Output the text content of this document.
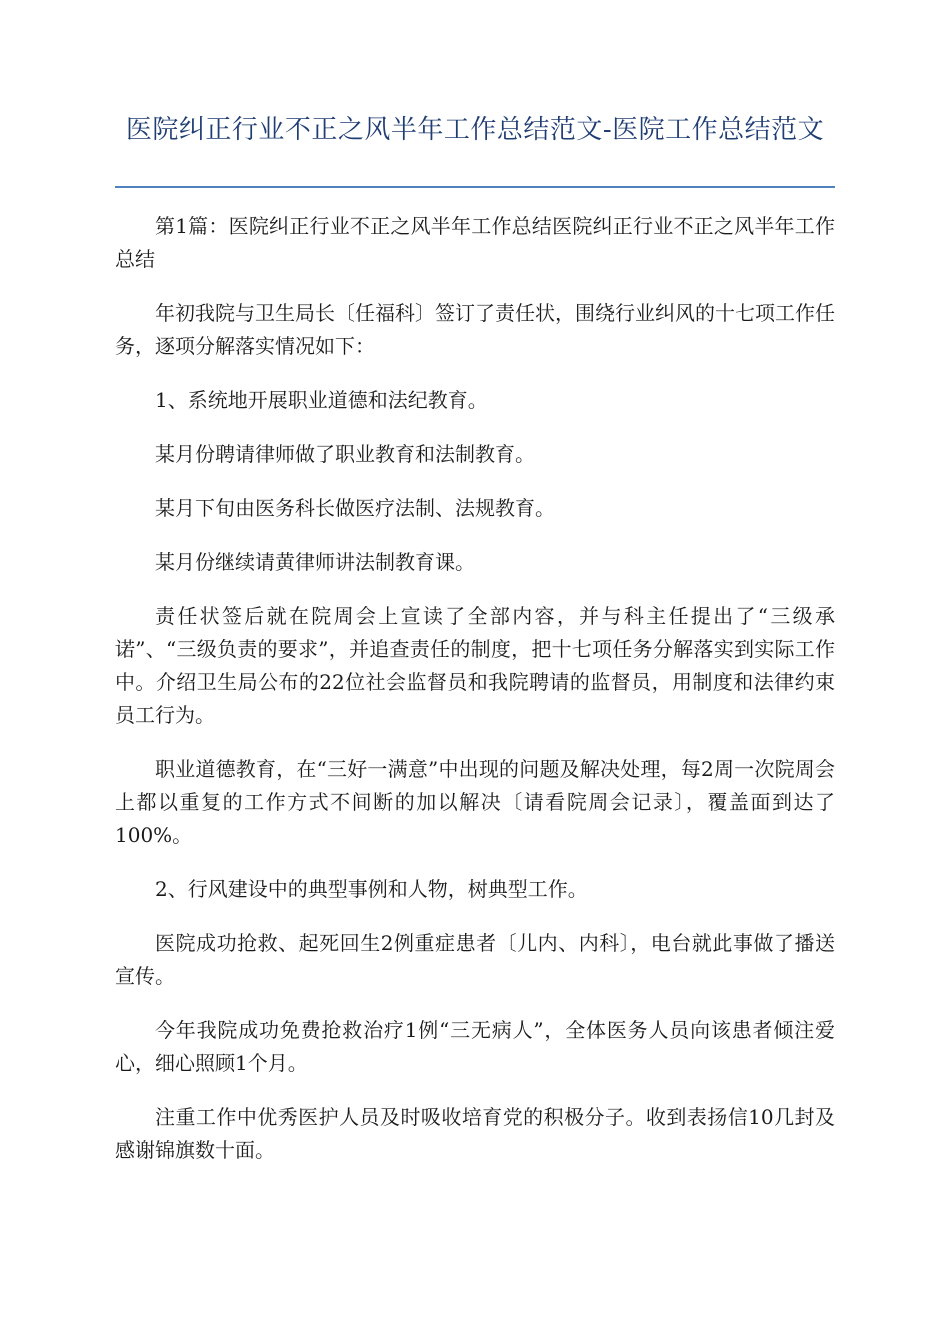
医院纠正行业不正之风半年工作总结范文-医院工作总结范文

第1篇：医院纠正行业不正之风半年工作总结医院纠正行业不正之风半年工作总结

年初我院与卫生局长〔任福科〕签订了责任状，围绕行业纠风的十七项工作任务，逐项分解落实情况如下：

1、系统地开展职业道德和法纪教育。

某月份聘请律师做了职业教育和法制教育。

某月下旬由医务科长做医疗法制、法规教育。

某月份继续请黄律师讲法制教育课。

责任状签后就在院周会上宣读了全部内容，并与科主任提出了“三级承诺”、“三级负责的要求”，并追查责任的制度，把十七项任务分解落实到实际工作中。介绍卫生局公布的22位社会监督员和我院聘请的监督员，用制度和法律约束员工行为。

职业道德教育，在“三好一满意”中出现的问题及解决处理，每2周一次院周会上都以重复的工作方式不间断的加以解决〔请看院周会记录〕，覆盖面到达了100%。

2、行风建设中的典型事例和人物，树典型工作。

医院成功抢救、起死回生2例重症患者〔儿内、内科〕，电台就此事做了播送宣传。

今年我院成功免费抢救治疗1例“三无病人”，全体医务人员向该患者倾注爱心，细心照顾1个月。

注重工作中优秀医护人员及时吸收培育党的积极分子。收到表扬信10几封及感谢锦旗数十面。
